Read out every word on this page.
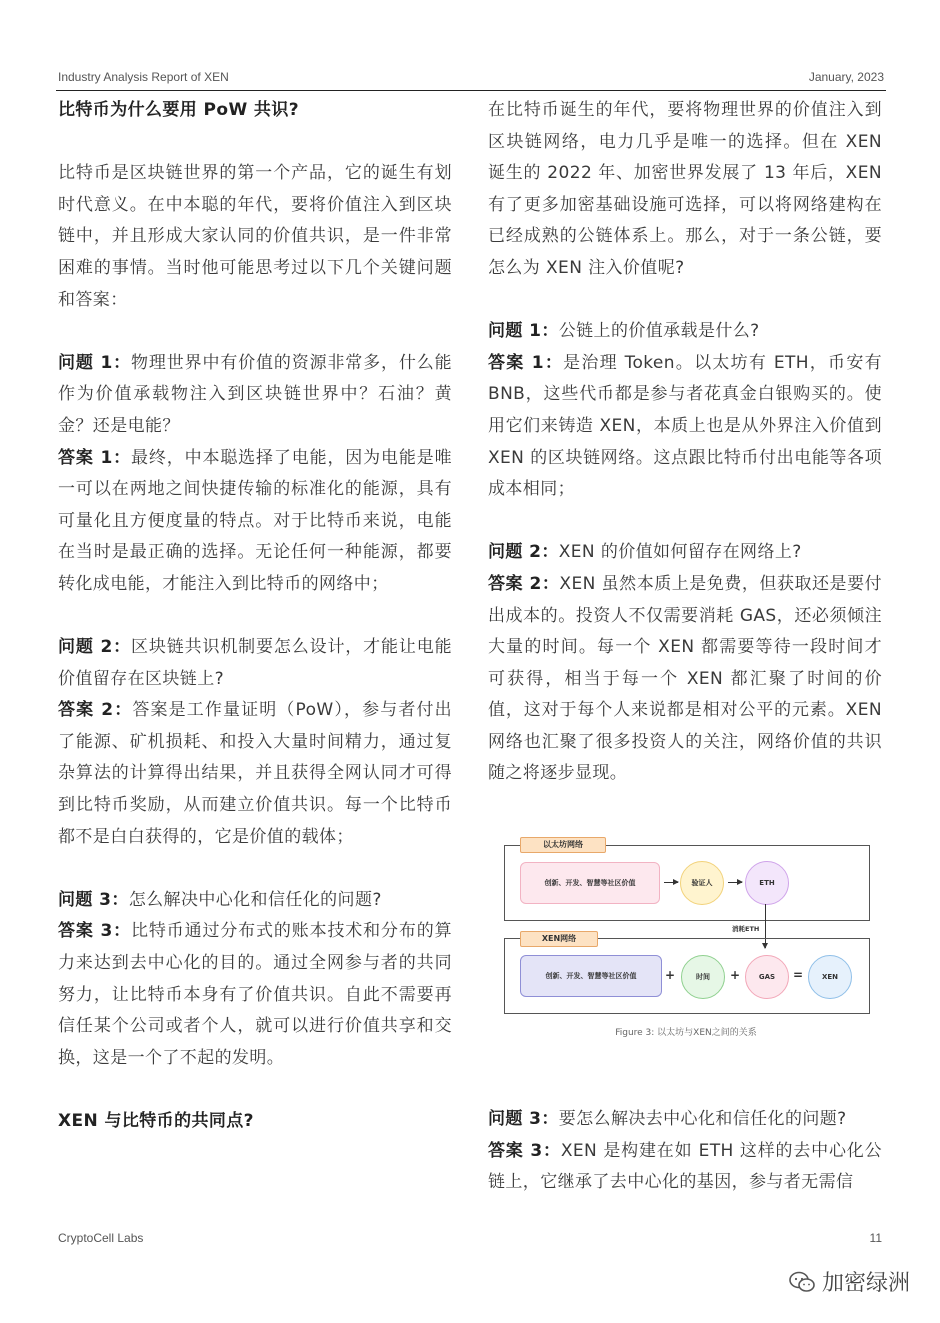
Industry Analysis Report of XEN	January, 2023

比特币为什么要用 PoW 共识?

比特币是区块链世界的第一个产品，它的诞生有划时代意义。在中本聪的年代，要将价值注入到区块链中，并且形成大家认同的价值共识，是一件非常困难的事情。当时他可能思考过以下几个关键问题和答案：

问题 1：物理世界中有价值的资源非常多，什么能作为价值承载物注入到区块链世界中？石油？黄金？还是电能？

答案 1：最终，中本聪选择了电能，因为电能是唯一可以在两地之间快捷传输的标准化的能源，具有可量化且方便度量的特点。对于比特币来说，电能在当时是最正确的选择。无论任何一种能源，都要转化成电能，才能注入到比特币的网络中；

问题 2：区块链共识机制要怎么设计，才能让电能价值留存在区块链上?

答案 2：答案是工作量证明（PoW），参与者付出了能源、矿机损耗、和投入大量时间精力，通过复杂算法的计算得出结果，并且获得全网认同才可得到比特币奖励，从而建立价值共识。每一个比特币都不是白白获得的，它是价值的载体；

问题 3：怎么解决中心化和信任化的问题?

答案 3：比特币通过分布式的账本技术和分布的算力来达到去中心化的目的。通过全网参与者的共同努力，让比特币本身有了价值共识。自此不需要再信任某个公司或者个人，就可以进行价值共享和交换，这是一个了不起的发明。

XEN 与比特币的共同点?

在比特币诞生的年代，要将物理世界的价值注入到区块链网络，电力几乎是唯一的选择。但在 XEN 诞生的 2022 年、加密世界发展了 13 年后，XEN 有了更多加密基础设施可选择，可以将网络建构在已经成熟的公链体系上。那么，对于一条公链，要怎么为 XEN 注入价值呢?

问题 1：公链上的价值承载是什么?

答案 1：是治理 Token。以太坊有 ETH，币安有 BNB，这些代币都是参与者花真金白银购买的。使用它们来铸造 XEN，本质上也是从外界注入价值到 XEN 的区块链网络。这点跟比特币付出电能等各项成本相同；

问题 2：XEN 的价值如何留存在网络上?

答案 2：XEN 虽然本质上是免费，但获取还是要付出成本的。投资人不仅需要消耗 GAS，还必须倾注大量的时间。每一个 XEN 都需要等待一段时间才可获得，相当于每一个 XEN 都汇聚了时间的价值，这对于每个人来说都是相对公平的元素。XEN 网络也汇聚了很多投资人的关注，网络价值的共识随之将逐步显现。

问题 3：要怎么解决去中心化和信任化的问题?

答案 3：XEN 是构建在如 ETH 这样的去中心化公链上，它继承了去中心化的基因，参与者无需信

以太坊网络
创新、开发、智慧等社区价值	验证人	ETH
消耗ETH
XEN网络
创新、开发、智慧等社区价值	+	时间	+	GAS	=	XEN
Figure 3: 以太坊与XEN之间的关系
CryptoCell Labs	11
加密绿洲
